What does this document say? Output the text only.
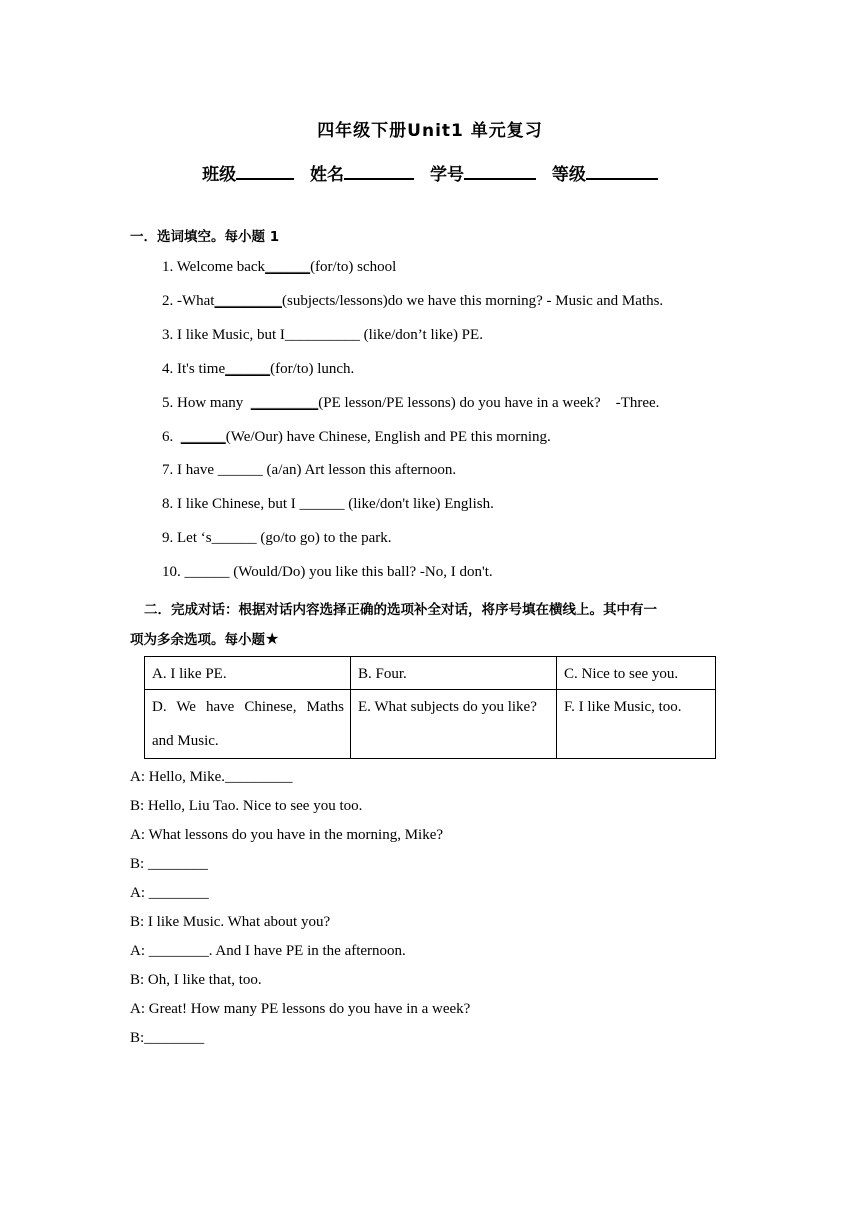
四年级下册Unit1 单元复习
班级	姓名	学号	等级
一．选词填空。每小题 1
1. Welcome back______(for/to) school
2. -What_________(subjects/lessons)do we have this morning? - Music and Maths.
3. I like Music, but I__________ (like/don’t like) PE.
4. It's time______(for/to) lunch.
5. How many  _________(PE lesson/PE lessons) do you have in a week?    -Three.
6.  ______(We/Our) have Chinese, English and PE this morning.
7. I have ______ (a/an) Art lesson this afternoon.
8. I like Chinese, but I ______ (like/don't like) English.
9. Let ‘s______ (go/to go) to the park.
10. ______ (Would/Do) you like this ball? -No, I don't.
二．完成对话：根据对话内容选择正确的选项补全对话，将序号填在横线上。其中有一
项为多余选项。每小题★
A. I like PE.	B. Four.	C. Nice to see you.
D. We have Chinese, Maths and Music.	E. What subjects do you like?	F. I like Music, too.
A: Hello, Mike._________
B: Hello, Liu Tao. Nice to see you too.
A: What lessons do you have in the morning, Mike?
B: ________
A: ________
B: I like Music. What about you?
A: ________. And I have PE in the afternoon.
B: Oh, I like that, too.
A: Great! How many PE lessons do you have in a week?
B:________
